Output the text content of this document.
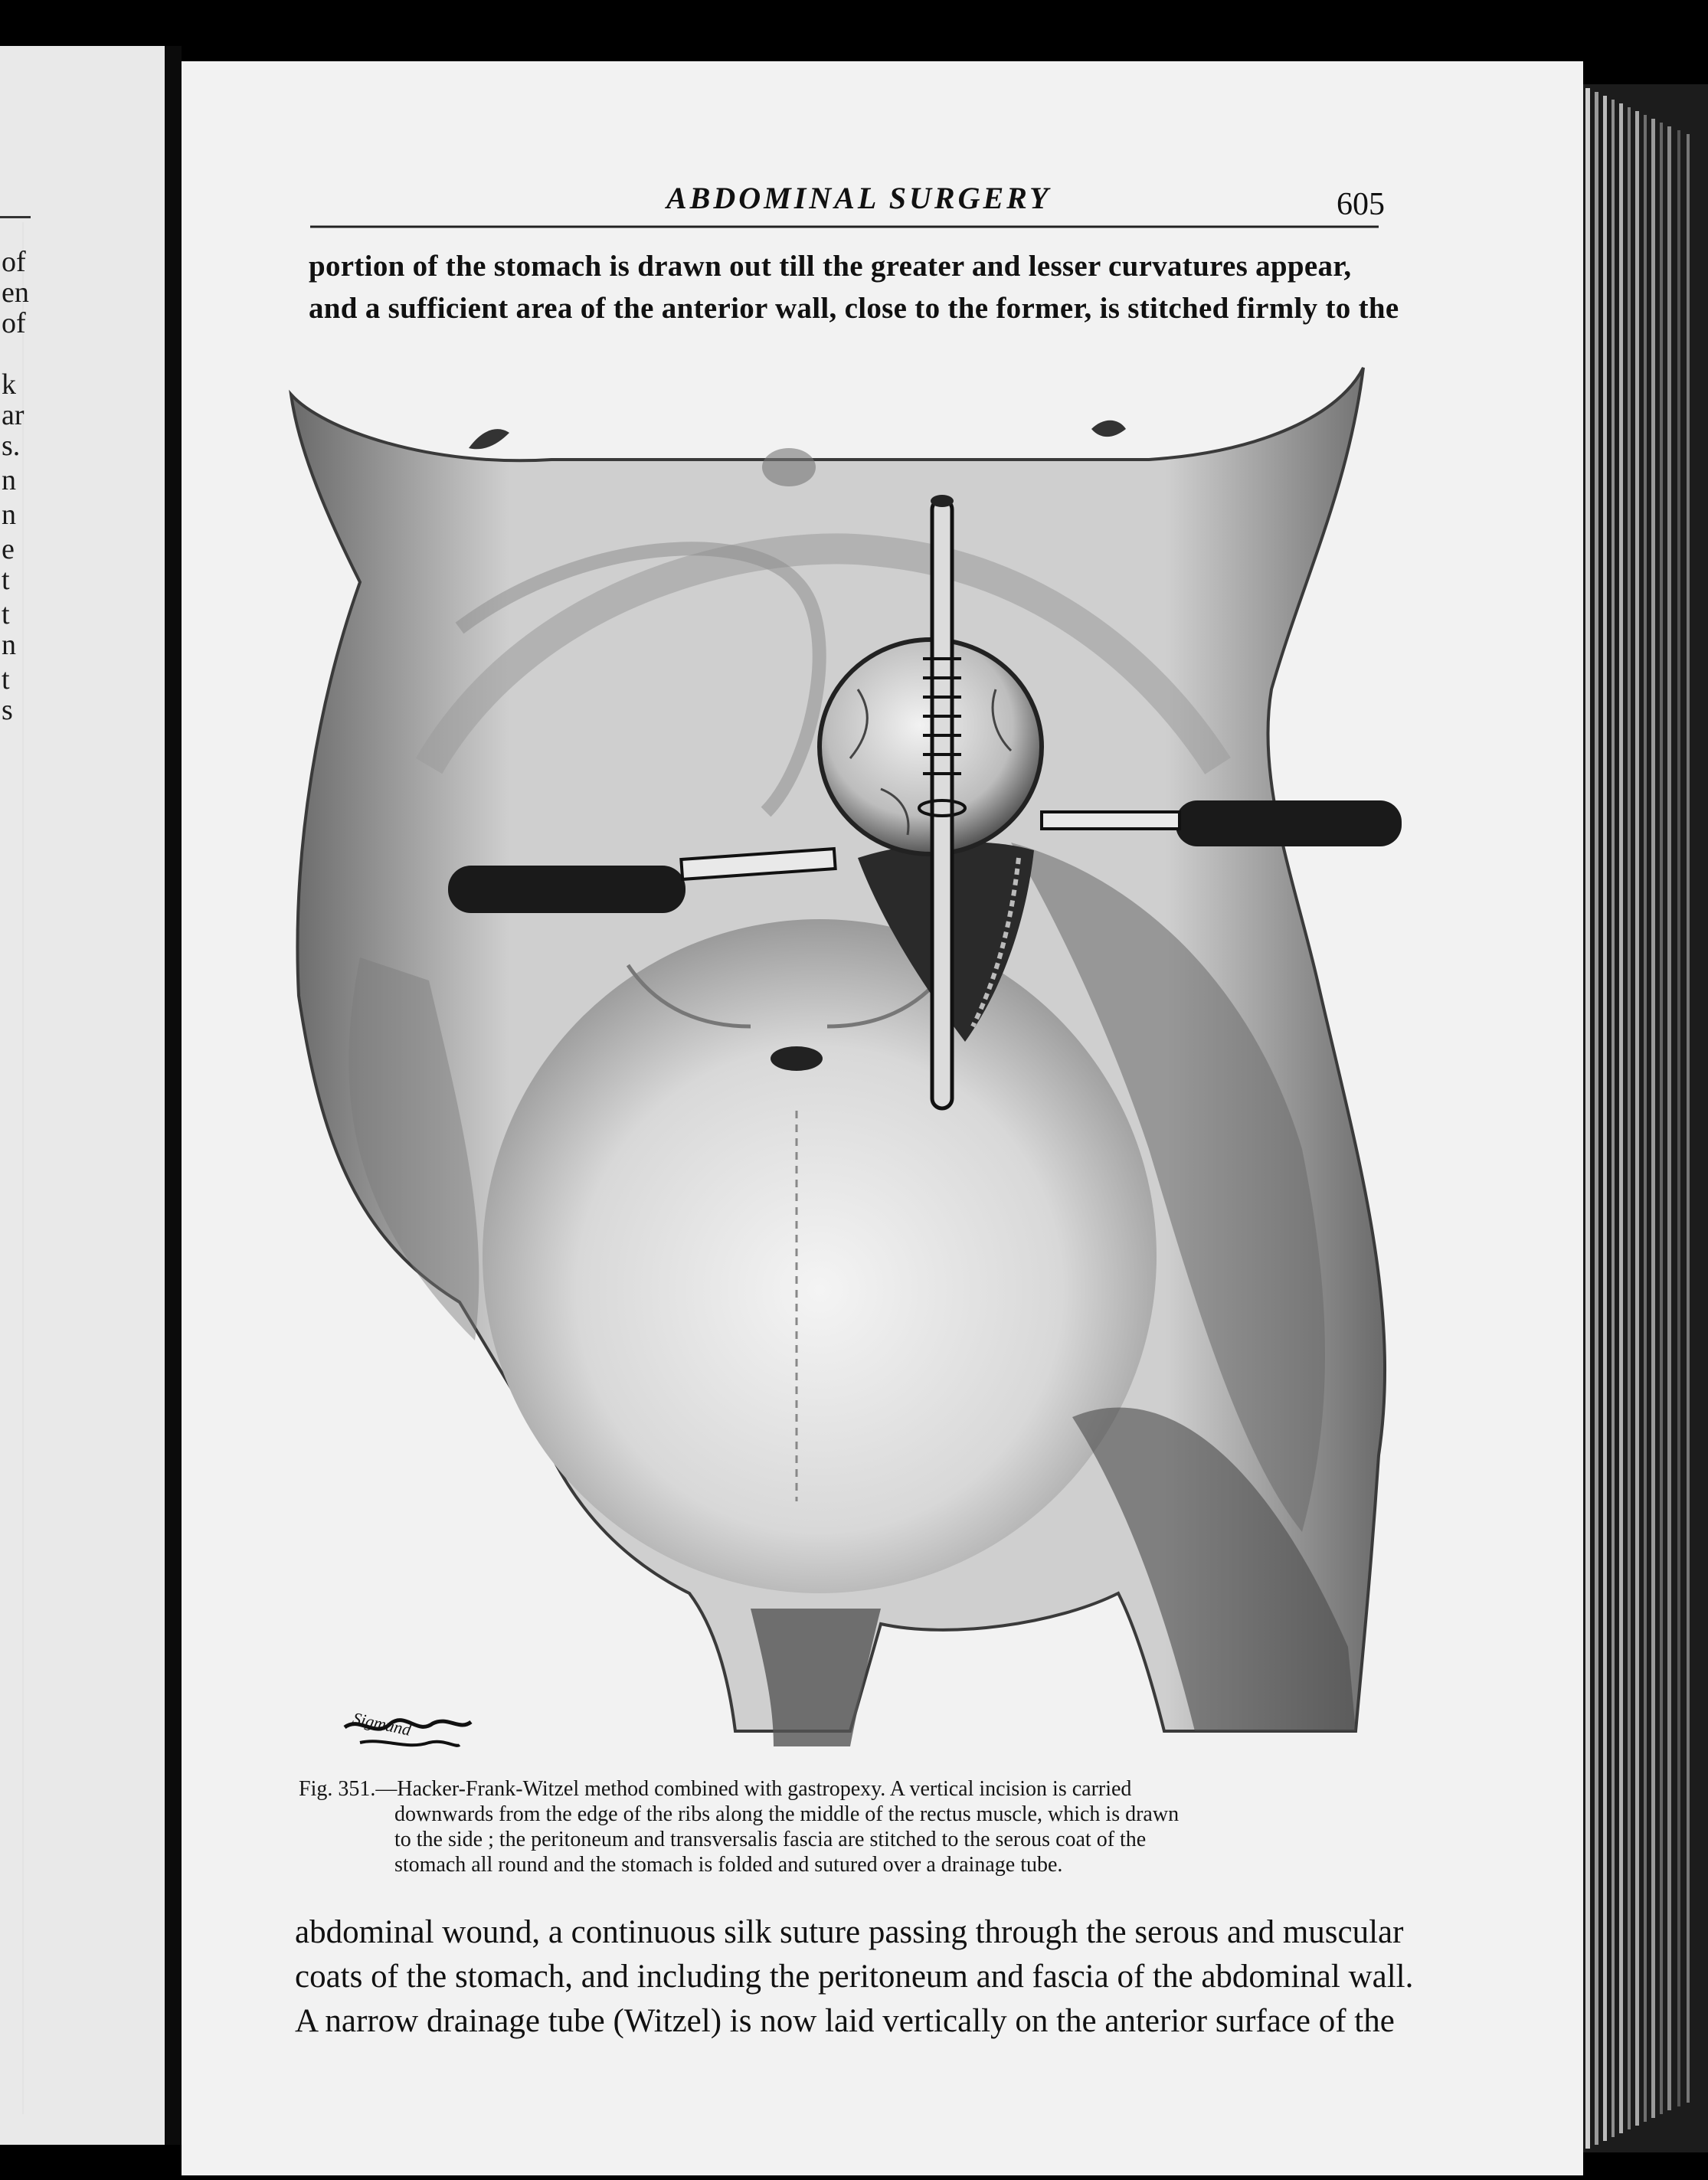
of
en
of
k
ar
s.
n
n
e
t
t
n
t
s
ABDOMINAL SURGERY	605
portion of the stomach is drawn out till the greater and lesser curvatures appear,
and a sufficient area of the anterior wall, close to the former, is stitched firmly to the
Sigmund
Fig. 351.—Hacker-Frank-Witzel method combined with gastropexy. A vertical incision is carried
downwards from the edge of the ribs along the middle of the rectus muscle, which is drawn
to the side ; the peritoneum and transversalis fascia are stitched to the serous coat of the
stomach all round and the stomach is folded and sutured over a drainage tube.
abdominal wound, a continuous silk suture passing through the serous and muscular
coats of the stomach, and including the peritoneum and fascia of the abdominal wall.
A narrow drainage tube (Witzel) is now laid vertically on the anterior surface of the
